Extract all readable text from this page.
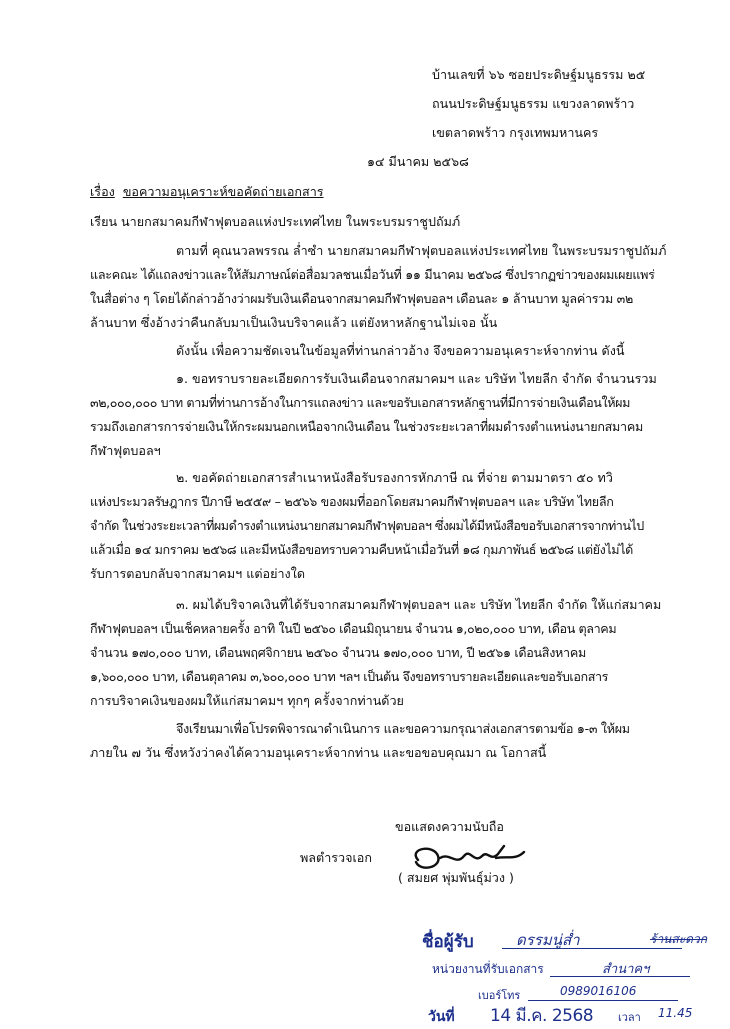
บ้านเลขที่ ๖๖ ซอยประดิษฐ์มนูธรรม ๒๕
ถนนประดิษฐ์มนูธรรม แขวงลาดพร้าว
เขตลาดพร้าว กรุงเทพมหานคร
๑๔ มีนาคม ๒๕๖๘
เรื่อง ขอความอนุเคราะห์ขอคัดถ่ายเอกสาร
เรียน นายกสมาคมกีฬาฟุตบอลแห่งประเทศไทย ในพระบรมราชูปถัมภ์
ตามที่ คุณนวลพรรณ ล่ำซำ นายกสมาคมกีฬาฟุตบอลแห่งประเทศไทย ในพระบรมราชูปถัมภ์
และคณะ ได้แถลงข่าวและให้สัมภาษณ์ต่อสื่อมวลชนเมื่อวันที่ ๑๑ มีนาคม ๒๕๖๘ ซึ่งปรากฏข่าวของผมเผยแพร่
ในสื่อต่าง ๆ โดยได้กล่าวอ้างว่าผมรับเงินเดือนจากสมาคมกีฬาฟุตบอลฯ เดือนละ ๑ ล้านบาท มูลค่ารวม ๓๒
ล้านบาท ซึ่งอ้างว่าคืนกลับมาเป็นเงินบริจาคแล้ว แต่ยังหาหลักฐานไม่เจอ นั้น
ดังนั้น เพื่อความชัดเจนในข้อมูลที่ท่านกล่าวอ้าง จึงขอความอนุเคราะห์จากท่าน ดังนี้
๑. ขอทราบรายละเอียดการรับเงินเดือนจากสมาคมฯ และ บริษัท ไทยลีก จำกัด จำนวนรวม
๓๒,๐๐๐,๐๐๐ บาท ตามที่ท่านการอ้างในการแถลงข่าว และขอรับเอกสารหลักฐานที่มีการจ่ายเงินเดือนให้ผม
รวมถึงเอกสารการจ่ายเงินให้กระผมนอกเหนือจากเงินเดือน ในช่วงระยะเวลาที่ผมดำรงตำแหน่งนายกสมาคม
กีฬาฟุตบอลฯ
๒. ขอคัดถ่ายเอกสารสำเนาหนังสือรับรองการหักภาษี ณ ที่จ่าย ตามมาตรา ๕๐ ทวิ
แห่งประมวลรัษฎากร ปีภาษี ๒๕๕๙ – ๒๕๖๖ ของผมที่ออกโดยสมาคมกีฬาฟุตบอลฯ และ บริษัท ไทยลีก
จำกัด ในช่วงระยะเวลาที่ผมดำรงตำแหน่งนายกสมาคมกีฬาฟุตบอลฯ ซึ่งผมได้มีหนังสือขอรับเอกสารจากท่านไป
แล้วเมื่อ ๑๔ มกราคม ๒๕๖๘ และมีหนังสือขอทราบความคืบหน้าเมื่อวันที่ ๑๘ กุมภาพันธ์ ๒๕๖๘ แต่ยังไม่ได้
รับการตอบกลับจากสมาคมฯ แต่อย่างใด
๓. ผมได้บริจาคเงินที่ได้รับจากสมาคมกีฬาฟุตบอลฯ และ บริษัท ไทยลีก จำกัด ให้แก่สมาคม
กีฬาฟุตบอลฯ เป็นเช็คหลายครั้ง อาทิ ในปี ๒๕๖๐ เดือนมิถุนายน จำนวน ๑,๐๒๐,๐๐๐ บาท, เดือน ตุลาคม
จำนวน ๑๗๐,๐๐๐ บาท, เดือนพฤศจิกายน ๒๕๖๐ จำนวน ๑๗๐,๐๐๐ บาท, ปี ๒๕๖๑ เดือนสิงหาคม
๑,๖๐๐,๐๐๐ บาท, เดือนตุลาคม ๓,๖๐๐,๐๐๐ บาท ฯลฯ เป็นต้น จึงขอทราบรายละเอียดและขอรับเอกสาร
การบริจาคเงินของผมให้แก่สมาคมฯ ทุกๆ ครั้งจากท่านด้วย
จึงเรียนมาเพื่อโปรดพิจารณาดำเนินการ และขอความกรุณาส่งเอกสารตามข้อ ๑-๓ ให้ผม
ภายใน ๗ วัน ซึ่งหวังว่าคงได้ความอนุเคราะห์จากท่าน และขอขอบคุณมา ณ โอกาสนี้
ขอแสดงความนับถือ
พลตำรวจเอก
( สมยศ พุ่มพันธุ์ม่วง )
ชื่อผู้รับ	ดรรมนู่ส่ำ	ร้านสะดวก
หน่วยงานที่รับเอกสาร	สำนาคฯ
เบอร์โทร	0989016106
วันที่ 14 มี.ค. 2568 เวลา 11.45
